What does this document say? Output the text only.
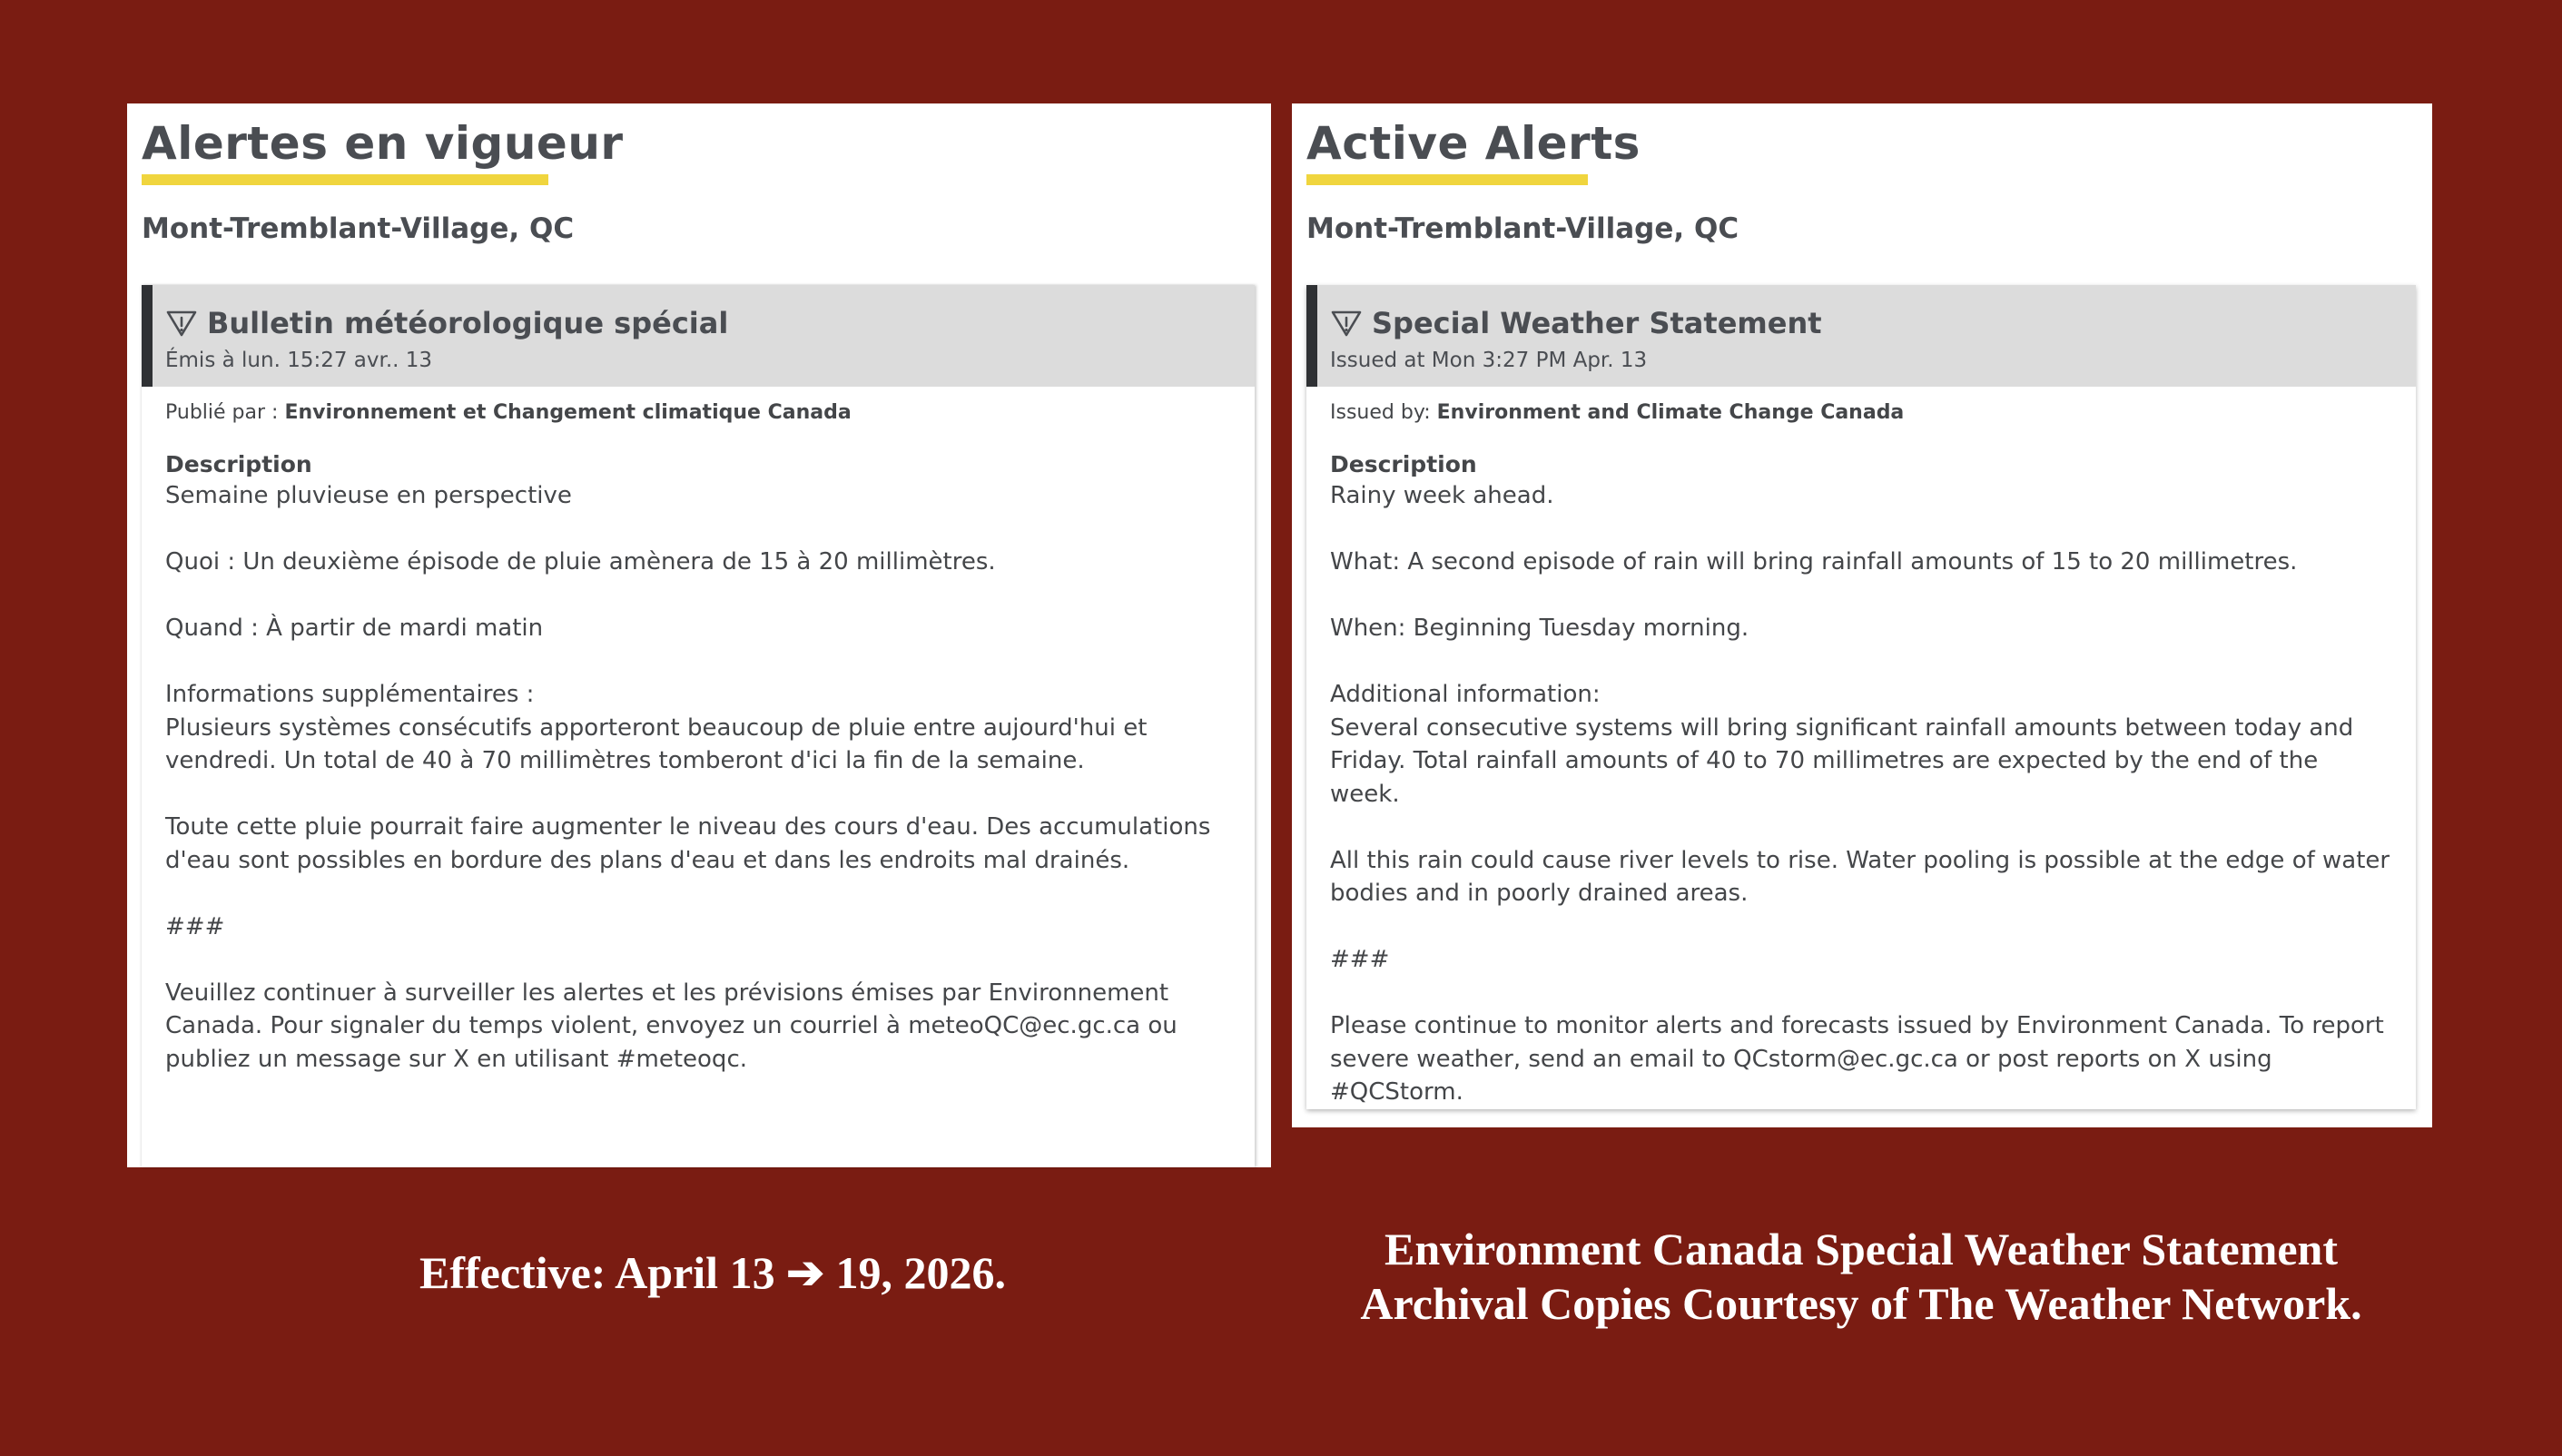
Alertes en vigueur
Mont-Tremblant-Village, QC
Bulletin météorologique spécial
Émis à lun. 15:27 avr.. 13
Publié par : Environnement et Changement climatique Canada
Description
Semaine pluvieuse en perspective
Quoi : Un deuxième épisode de pluie amènera de 15 à 20 millimètres.
Quand : À partir de mardi matin
Informations supplémentaires :
Plusieurs systèmes consécutifs apporteront beaucoup de pluie entre aujourd'hui et vendredi. Un total de 40 à 70 millimètres tomberont d'ici la fin de la semaine.
Toute cette pluie pourrait faire augmenter le niveau des cours d'eau. Des accumulations d'eau sont possibles en bordure des plans d'eau et dans les endroits mal drainés.
###
Veuillez continuer à surveiller les alertes et les prévisions émises par Environnement Canada. Pour signaler du temps violent, envoyez un courriel à meteoQC@ec.gc.ca ou publiez un message sur X en utilisant #meteoqc.
Active Alerts
Mont-Tremblant-Village, QC
Special Weather Statement
Issued at Mon 3:27 PM Apr. 13
Issued by: Environment and Climate Change Canada
Description
Rainy week ahead.
What: A second episode of rain will bring rainfall amounts of 15 to 20 millimetres.
When: Beginning Tuesday morning.
Additional information:
Several consecutive systems will bring significant rainfall amounts between today and Friday. Total rainfall amounts of 40 to 70 millimetres are expected by the end of the week.
All this rain could cause river levels to rise. Water pooling is possible at the edge of water bodies and in poorly drained areas.
###
Please continue to monitor alerts and forecasts issued by Environment Canada. To report severe weather, send an email to QCstorm@ec.gc.ca or post reports on X using #QCStorm.
Effective: April 13 ➔ 19, 2026.	Environment Canada Special Weather Statement
Archival Copies Courtesy of The Weather Network.
